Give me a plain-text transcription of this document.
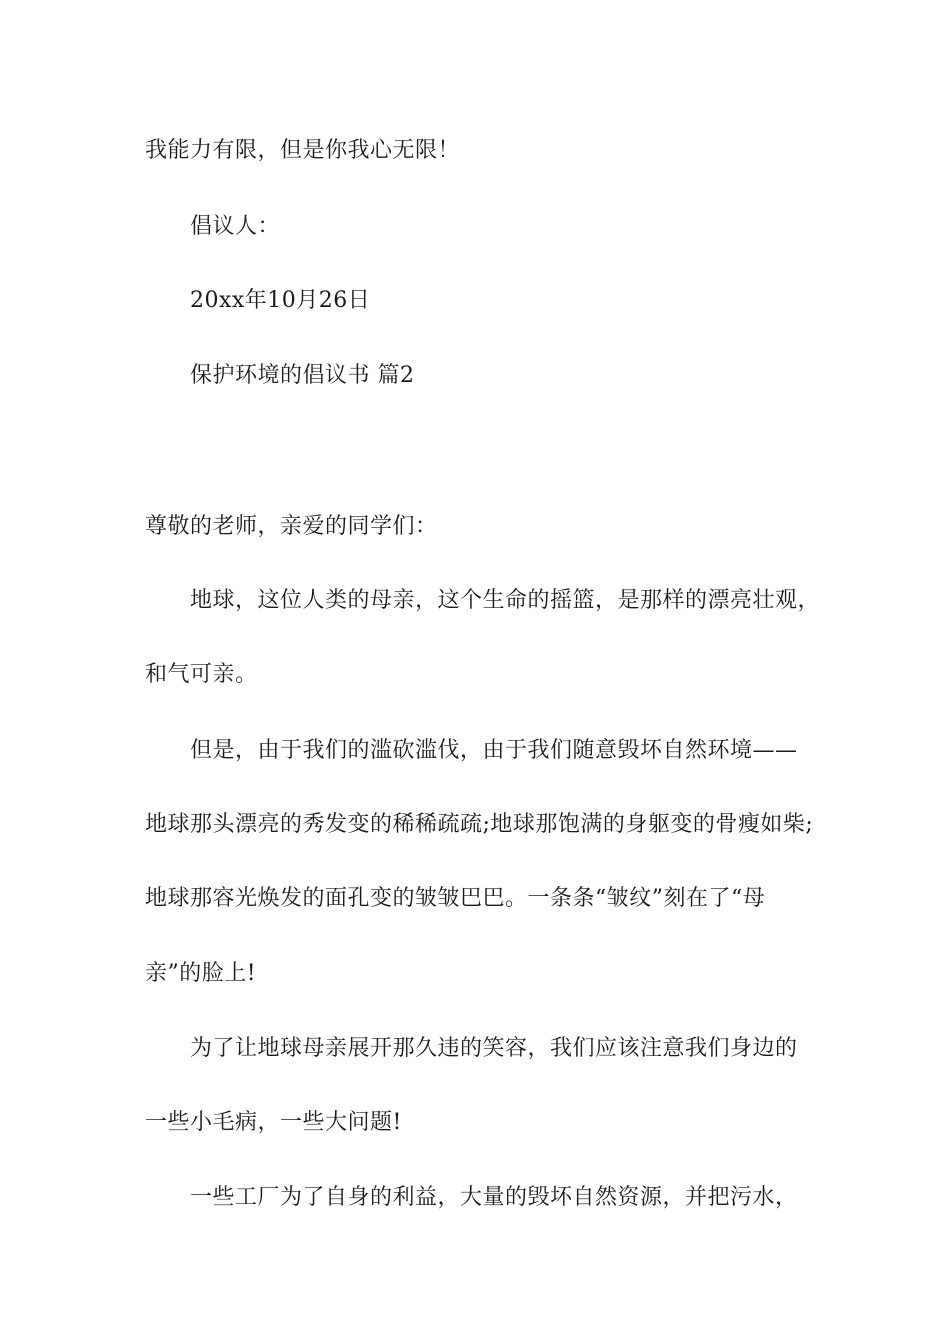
我能力有限，但是你我心无限！
倡议人：
20xx年10月26日
保护环境的倡议书 篇2
尊敬的老师，亲爱的同学们：
地球，这位人类的母亲，这个生命的摇篮，是那样的漂亮壮观，
和气可亲。
但是，由于我们的滥砍滥伐，由于我们随意毁坏自然环境——
地球那头漂亮的秀发变的稀稀疏疏;地球那饱满的身躯变的骨瘦如柴;
地球那容光焕发的面孔变的皱皱巴巴。一条条“皱纹”刻在了“母
亲”的脸上!
为了让地球母亲展开那久违的笑容，我们应该注意我们身边的
一些小毛病，一些大问题!
一些工厂为了自身的利益，大量的毁坏自然资源，并把污水，
